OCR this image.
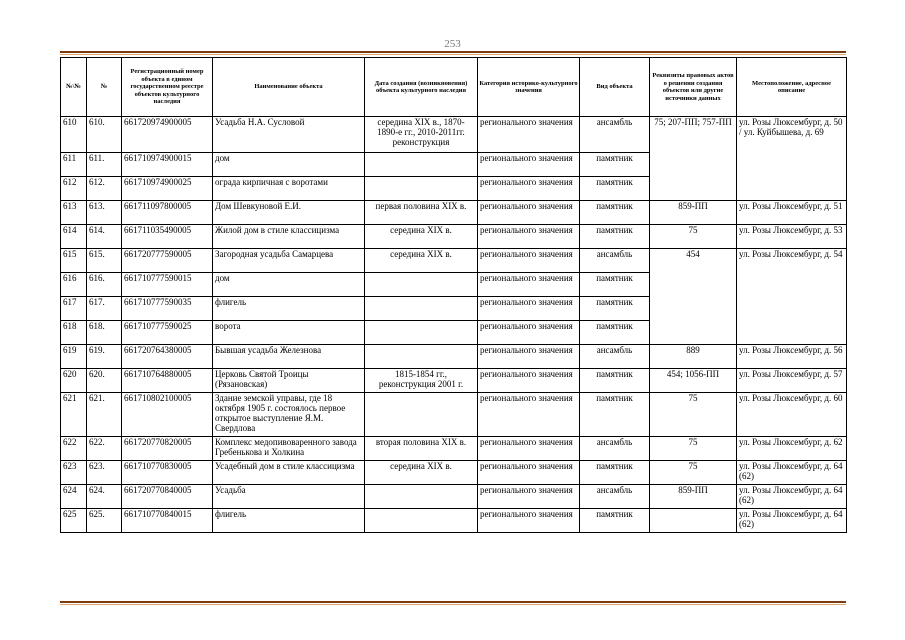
253
№\№	№	Регистрационный номер объекта в едином государственном реестре объектов культурного наследия	Наименование объекта	Дата создания (возникновения) объекта культурного наследия	Категория историко-культурного значения	Вид объекта	Реквизиты правовых актов о решении создания объектов или другие источники данных	Местоположение, адресное описание
610	610.	661720974900005	Усадьба Н.А. Сусловой	середина XIX в., 1870-1890-е гг., 2010-2011гг. реконструкция	регионального значения	ансамбль	75; 207-ПП; 757-ПП	ул. Розы Люксембург, д. 50 / ул. Куйбышева, д. 69
611	611.	661710974900015	дом		регионального значения	памятник		
612	612.	661710974900025	ограда кирпичная с воротами		регионального значения	памятник		
613	613.	661711097800005	Дом Шевкуновой Е.И.	первая половина XIX в.	регионального значения	памятник	859-ПП	ул. Розы Люксембург, д. 51
614	614.	661711035490005	Жилой дом в стиле классицизма	середина XIX в.	регионального значения	памятник	75	ул. Розы Люксембург, д. 53
615	615.	661720777590005	Загородная усадьба Самарцева	середина XIX в.	регионального значения	ансамбль	454	ул. Розы Люксембург, д. 54
616	616.	661710777590015	дом		регионального значения	памятник		
617	617.	661710777590035	флигель		регионального значения	памятник		
618	618.	661710777590025	ворота		регионального значения	памятник		
619	619.	661720764380005	Бывшая усадьба Железнова		регионального значения	ансамбль	889	ул. Розы Люксембург, д. 56
620	620.	661710764880005	Церковь Святой Троицы (Рязановская)	1815-1854 гг., реконструкция 2001 г.	регионального значения	памятник	454; 1056-ПП	ул. Розы Люксембург, д. 57
621	621.	661710802100005	Здание земской управы, где 18 октября 1905 г. состоялось первое открытое выступление Я.М. Свердлова		регионального значения	памятник	75	ул. Розы Люксембург, д. 60
622	622.	661720770820005	Комплекс медопивоваренного завода Гребенькова и Холкина	вторая половина XIX в.	регионального значения	ансамбль	75	ул. Розы Люксембург, д. 62
623	623.	661710770830005	Усадебный дом в стиле классицизма	середина XIX в.	регионального значения	памятник	75	ул. Розы Люксембург, д. 64 (62)
624	624.	661720770840005	Усадьба		регионального значения	ансамбль	859-ПП	ул. Розы Люксембург, д. 64 (62)
625	625.	661710770840015	флигель		регионального значения	памятник		ул. Розы Люксембург, д. 64 (62)
